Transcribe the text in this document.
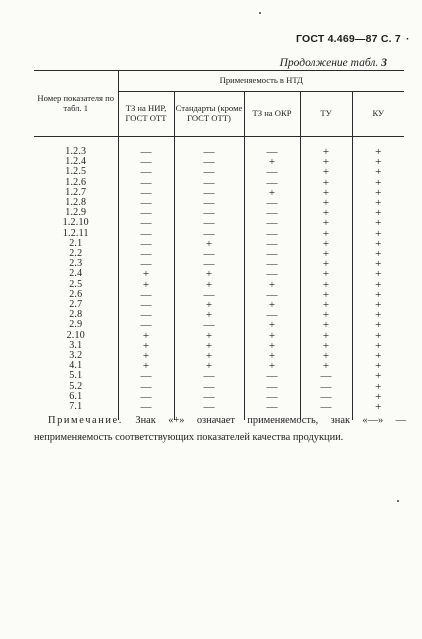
ГОСТ 4.469—87 С. 7 ·
Продолжение табл. 3
Номер показателя по табл. 1	Применяемость в НТД				
	ТЗ на НИР, ГОСТ ОТТ	Стандарты (кроме ГОСТ ОТТ)	ТЗ на ОКР	ТУ	КУ

1.2.3	—	—	—	+	+
1.2.4	—	—	+	+	+
1.2.5	—	—	—	+	+
1.2.6	—	—	—	+	+
1.2.7	—	—	+	+	+
1.2.8	—	—	—	+	+
1.2.9	—	—	—	+	+
1.2.10	—	—	—	+	+
1.2.11	—	—	—	+	+
2.1	—	+	—	+	+
2.2	—	—	—	+	+
2.3	—	—	—	+	+
2.4	+	+	—	+	+
2.5	+	+	+	+	+
2.6	—	—	—	+	+
2.7	—	+	+	+	+
2.8	—	+	—	+	+
2.9	—	—	+	+	+
2.10	+	+	+	+	+
3.1	+	+	+	+	+
3.2	+	+	+	+	+
4.1	+	+	+	+	+
5.1	—	—	—	—	+
5.2	—	—	—	—	+
6.1	—	—	—	—	+
7.1	—	—	—	—	+

Примечание. Знак «+» означает применяемость, знак «—» — неприменяемость соответствующих показателей качества продукции.
